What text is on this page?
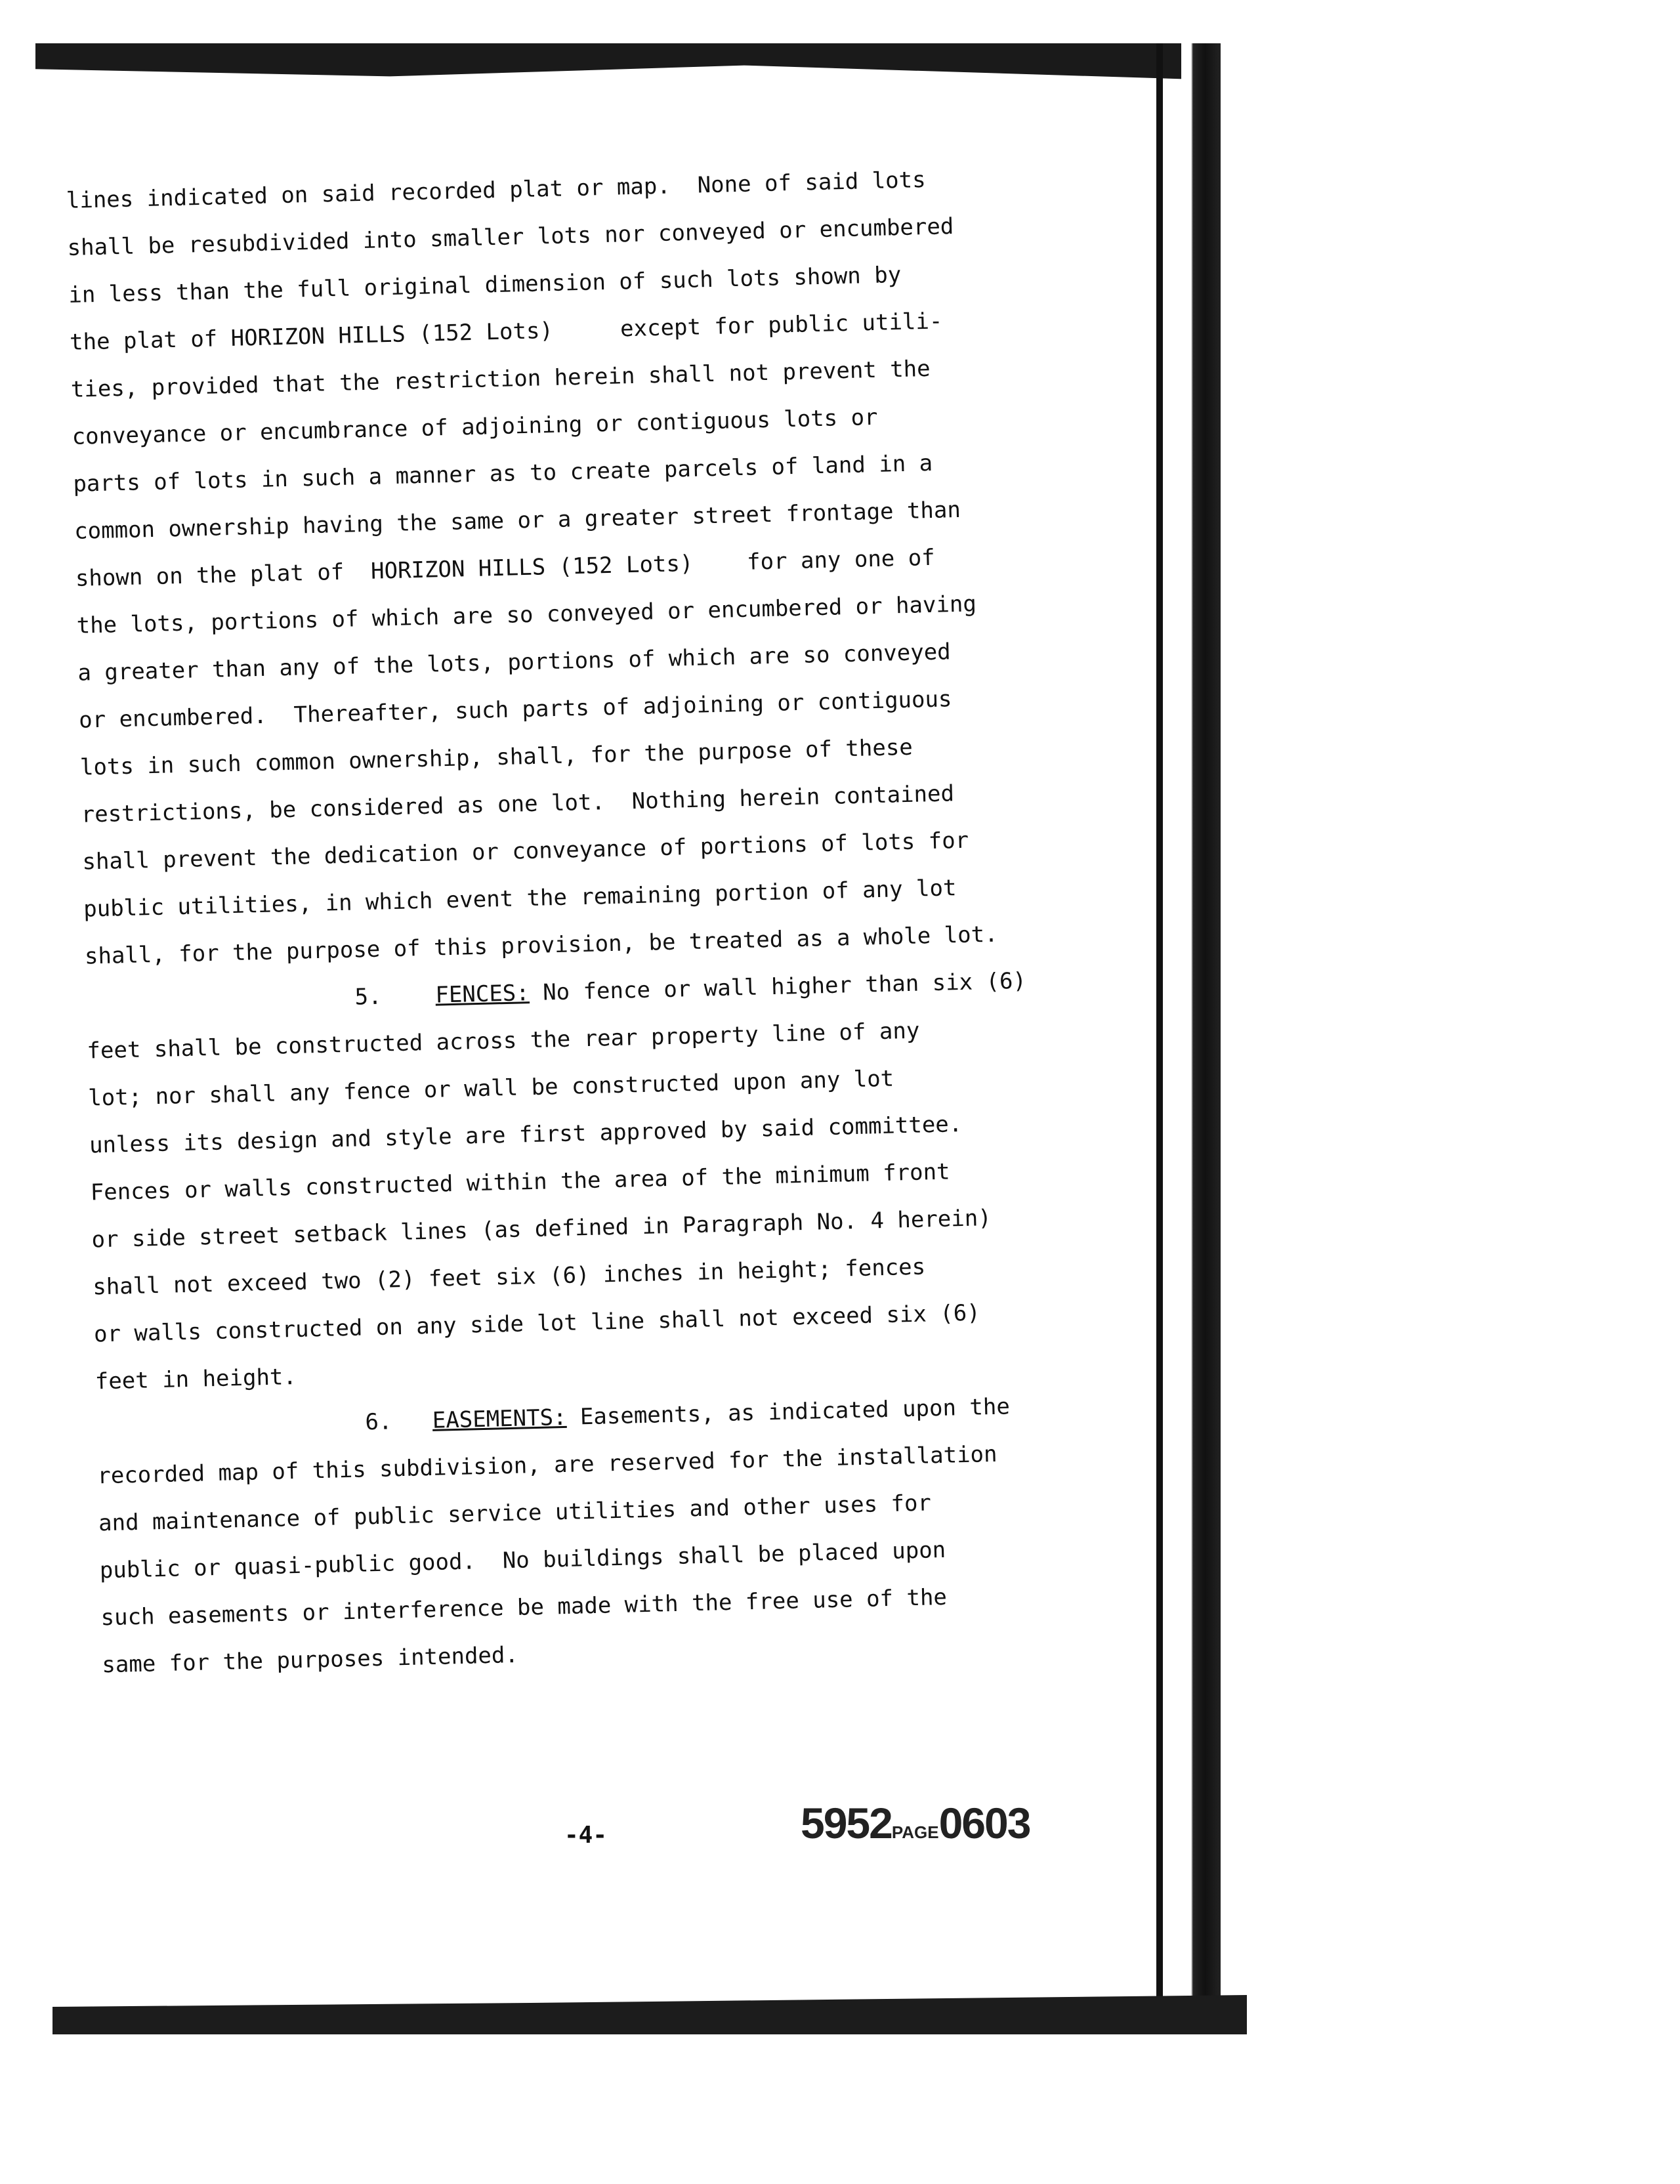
lines indicated on said recorded plat or map.  None of said lots
shall be resubdivided into smaller lots nor conveyed or encumbered
in less than the full original dimension of such lots shown by
the plat of HORIZON HILLS (152 Lots)     except for public utili-
ties, provided that the restriction herein shall not prevent the
conveyance or encumbrance of adjoining or contiguous lots or
parts of lots in such a manner as to create parcels of land in a
common ownership having the same or a greater street frontage than
shown on the plat of  HORIZON HILLS (152 Lots)    for any one of
the lots, portions of which are so conveyed or encumbered or having
a greater than any of the lots, portions of which are so conveyed
or encumbered.  Thereafter, such parts of adjoining or contiguous
lots in such common ownership, shall, for the purpose of these
restrictions, be considered as one lot.  Nothing herein contained
shall prevent the dedication or conveyance of portions of lots for
public utilities, in which event the remaining portion of any lot
shall, for the purpose of this provision, be treated as a whole lot.
5. FENCES: No fence or wall higher than six (6)
feet shall be constructed across the rear property line of any
lot; nor shall any fence or wall be constructed upon any lot
unless its design and style are first approved by said committee.
Fences or walls constructed within the area of the minimum front
or side street setback lines (as defined in Paragraph No. 4 herein)
shall not exceed two (2) feet six (6) inches in height; fences
or walls constructed on any side lot line shall not exceed six (6)
feet in height.
6. EASEMENTS: Easements, as indicated upon the
recorded map of this subdivision, are reserved for the installation
and maintenance of public service utilities and other uses for
public or quasi-public good.  No buildings shall be placed upon
such easements or interference be made with the free use of the
same for the purposes intended.
-4-	5952PAGE0603
